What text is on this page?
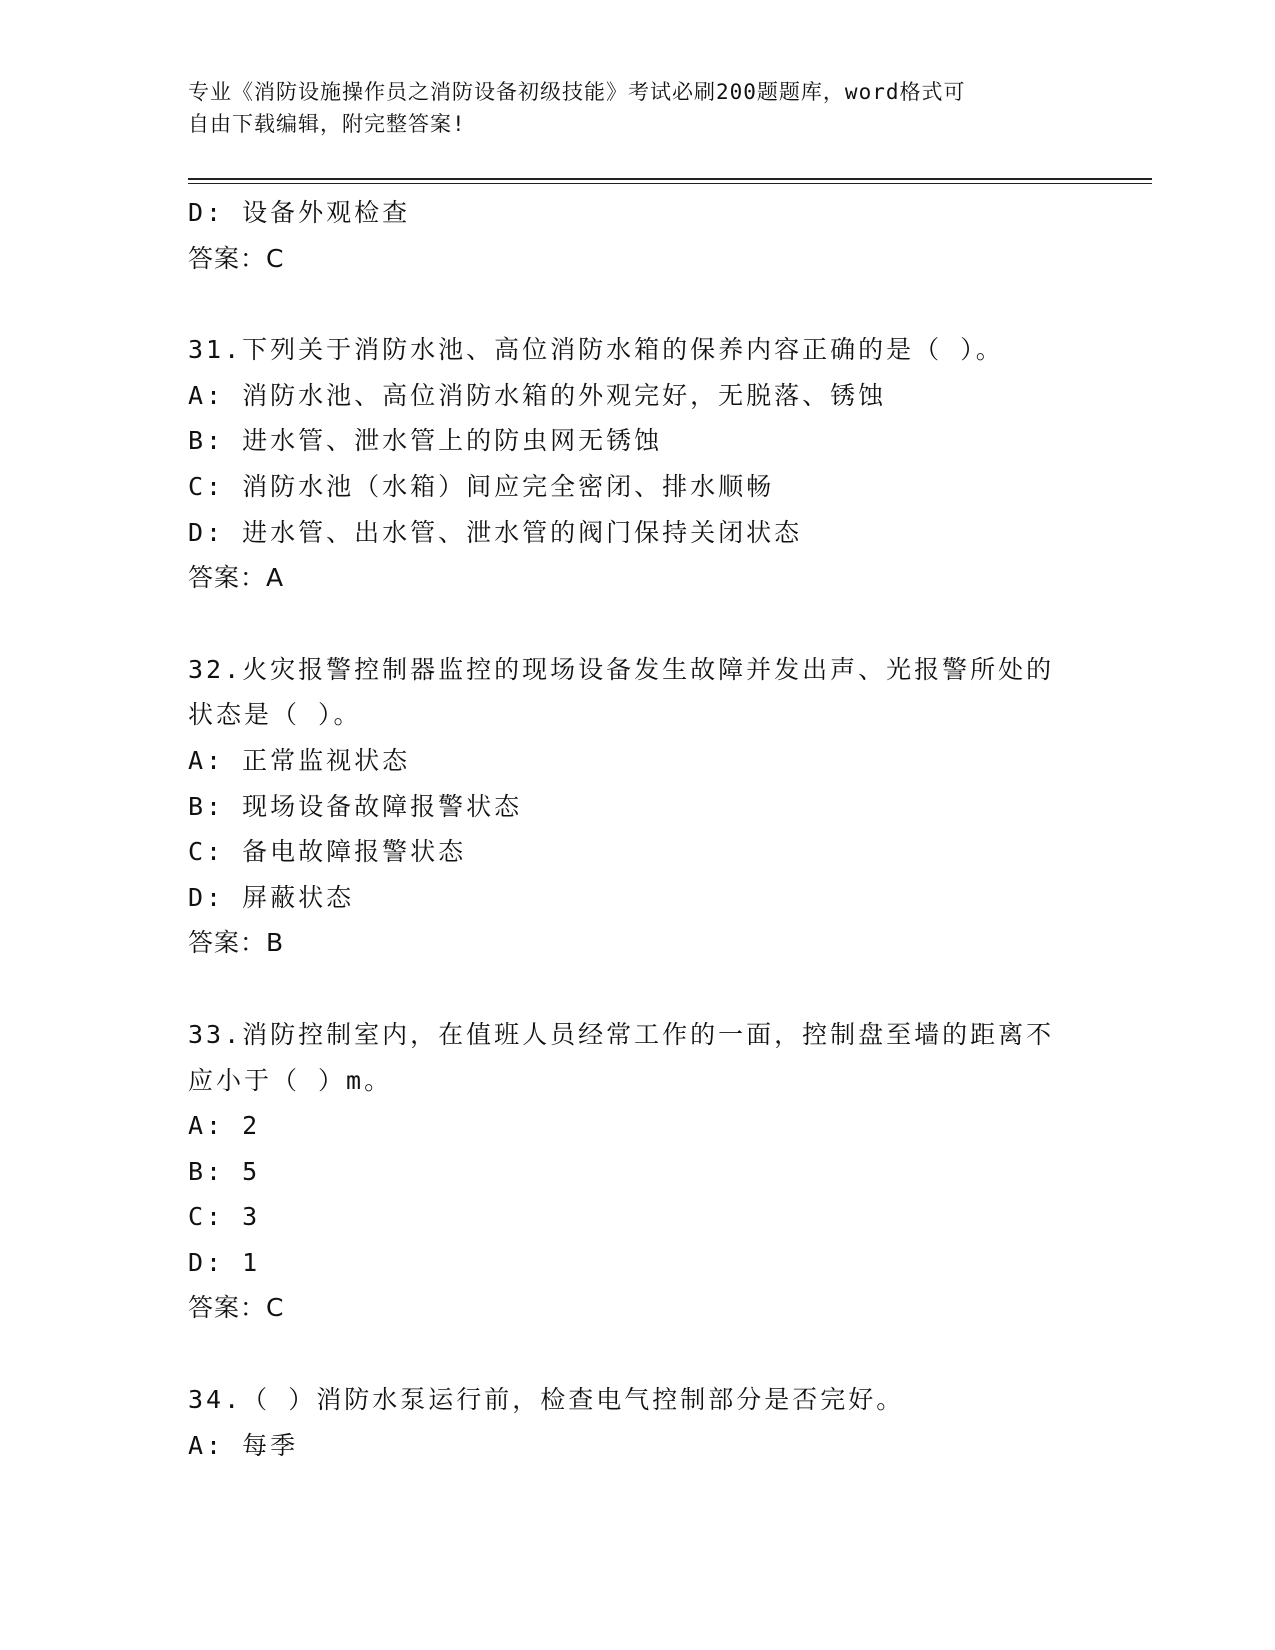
专业《消防设施操作员之消防设备初级技能》考试必刷200题题库，word格式可
自由下载编辑，附完整答案!
D: 设备外观检查
答案：C
31.下列关于消防水池、高位消防水箱的保养内容正确的是（ ）。
A: 消防水池、高位消防水箱的外观完好，无脱落、锈蚀
B: 进水管、泄水管上的防虫网无锈蚀
C: 消防水池（水箱）间应完全密闭、排水顺畅
D: 进水管、出水管、泄水管的阀门保持关闭状态
答案：A
32.火灾报警控制器监控的现场设备发生故障并发出声、光报警所处的
状态是（ ）。
A: 正常监视状态
B: 现场设备故障报警状态
C: 备电故障报警状态
D: 屏蔽状态
答案：B
33.消防控制室内，在值班人员经常工作的一面，控制盘至墙的距离不
应小于（ ）m。
A: 2
B: 5
C: 3
D: 1
答案：C
34.（ ）消防水泵运行前，检查电气控制部分是否完好。
A: 每季
